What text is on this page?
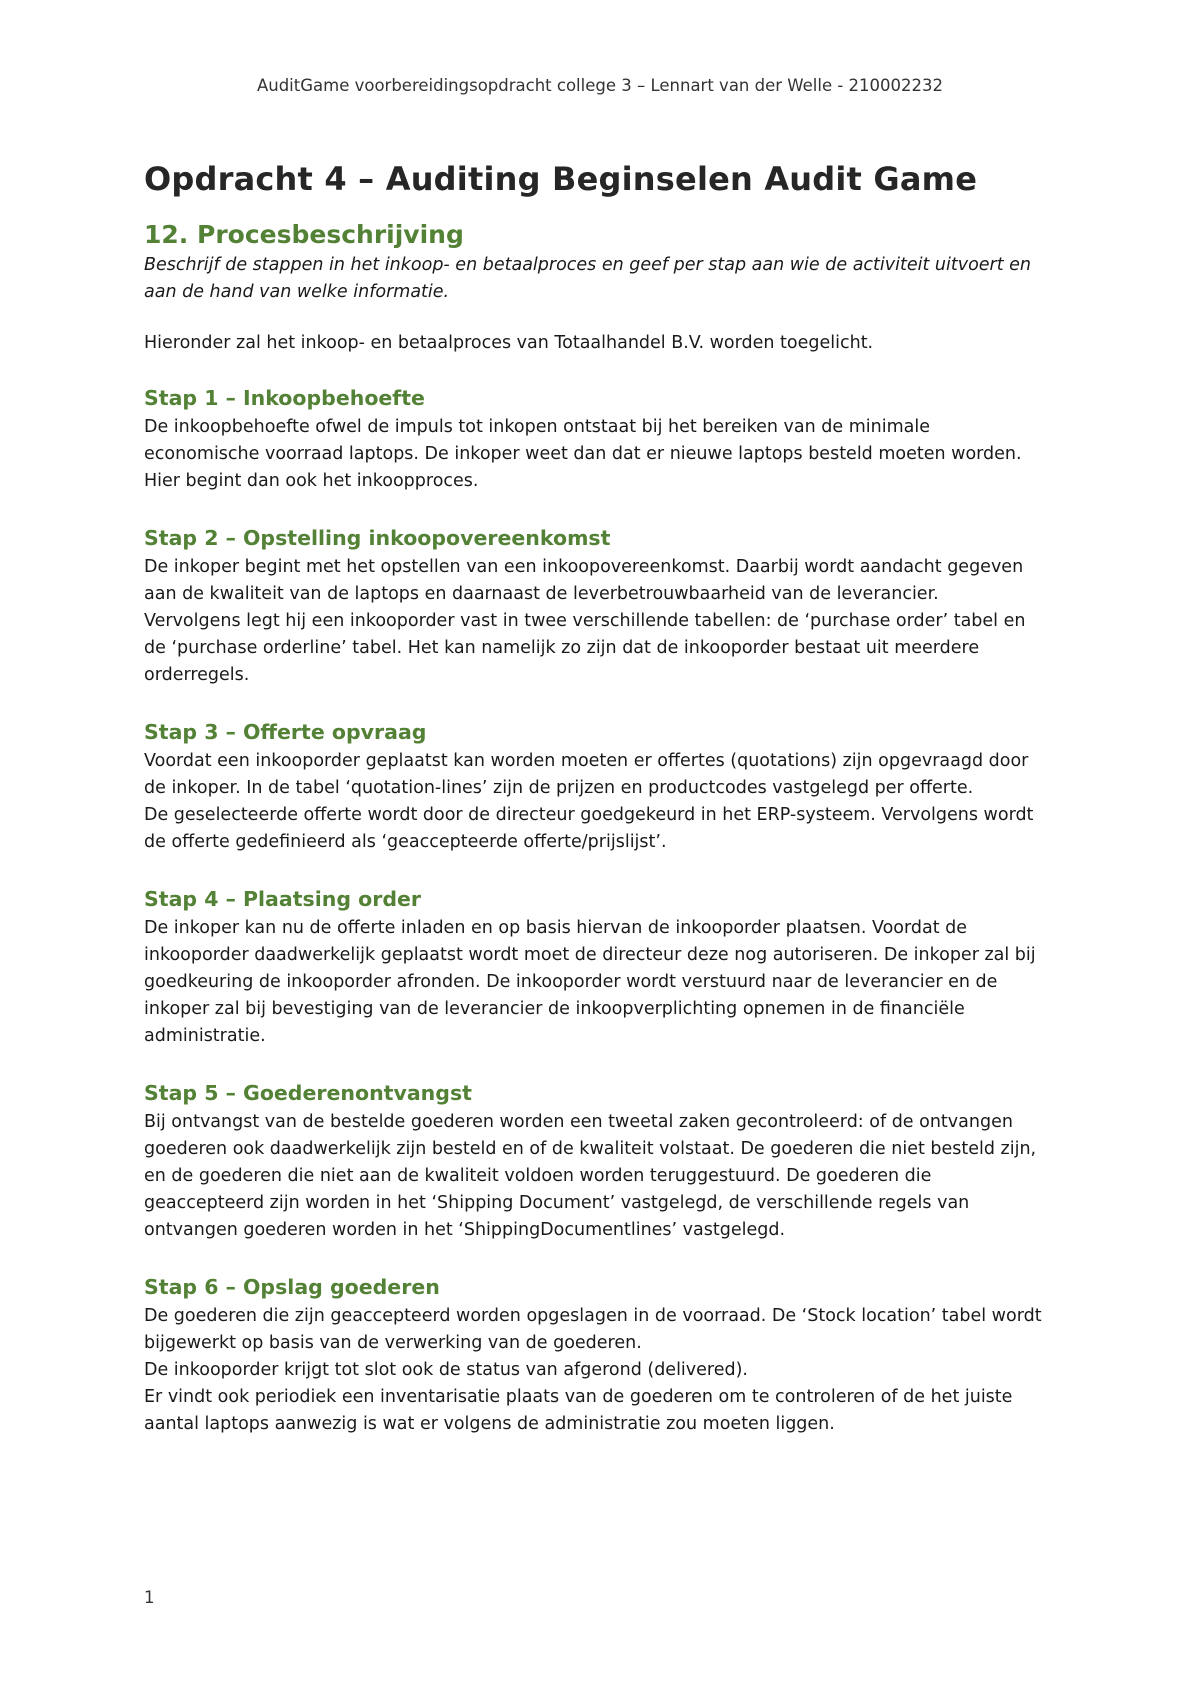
AuditGame voorbereidingsopdracht college 3 – Lennart van der Welle - 210002232
Opdracht 4 – Auditing Beginselen Audit Game
12. Procesbeschrijving
Beschrijf de stappen in het inkoop- en betaalproces en geef per stap aan wie de activiteit uitvoert en
aan de hand van welke informatie.

Hieronder zal het inkoop- en betaalproces van Totaalhandel B.V. worden toegelicht.

Stap 1 – Inkoopbehoefte

De inkoopbehoefte ofwel de impuls tot inkopen ontstaat bij het bereiken van de minimale

economische voorraad laptops. De inkoper weet dan dat er nieuwe laptops besteld moeten worden.

Hier begint dan ook het inkoopproces.

Stap 2 – Opstelling inkoopovereenkomst

De inkoper begint met het opstellen van een inkoopovereenkomst. Daarbij wordt aandacht gegeven

aan de kwaliteit van de laptops en daarnaast de leverbetrouwbaarheid van de leverancier.

Vervolgens legt hij een inkooporder vast in twee verschillende tabellen: de ‘purchase order’ tabel en

de ‘purchase orderline’ tabel. Het kan namelijk zo zijn dat de inkooporder bestaat uit meerdere

orderregels.

Stap 3 – Offerte opvraag

Voordat een inkooporder geplaatst kan worden moeten er offertes (quotations) zijn opgevraagd door

de inkoper. In de tabel ‘quotation-lines’ zijn de prijzen en productcodes vastgelegd per offerte.

De geselecteerde offerte wordt door de directeur goedgekeurd in het ERP-systeem. Vervolgens wordt

de offerte gedefinieerd als ‘geaccepteerde offerte/prijslijst’.

Stap 4 – Plaatsing order

De inkoper kan nu de offerte inladen en op basis hiervan de inkooporder plaatsen. Voordat de

inkooporder daadwerkelijk geplaatst wordt moet de directeur deze nog autoriseren. De inkoper zal bij

goedkeuring de inkooporder afronden. De inkooporder wordt verstuurd naar de leverancier en de

inkoper zal bij bevestiging van de leverancier de inkoopverplichting opnemen in de financiële

administratie.

Stap 5 – Goederenontvangst

Bij ontvangst van de bestelde goederen worden een tweetal zaken gecontroleerd: of de ontvangen

goederen ook daadwerkelijk zijn besteld en of de kwaliteit volstaat. De goederen die niet besteld zijn,

en de goederen die niet aan de kwaliteit voldoen worden teruggestuurd. De goederen die

geaccepteerd zijn worden in het ‘Shipping Document’ vastgelegd, de verschillende regels van

ontvangen goederen worden in het ‘ShippingDocumentlines’ vastgelegd.

Stap 6 – Opslag goederen

De goederen die zijn geaccepteerd worden opgeslagen in de voorraad. De ‘Stock location’ tabel wordt

bijgewerkt op basis van de verwerking van de goederen.

De inkooporder krijgt tot slot ook de status van afgerond (delivered).

Er vindt ook periodiek een inventarisatie plaats van de goederen om te controleren of de het juiste

aantal laptops aanwezig is wat er volgens de administratie zou moeten liggen.

1
